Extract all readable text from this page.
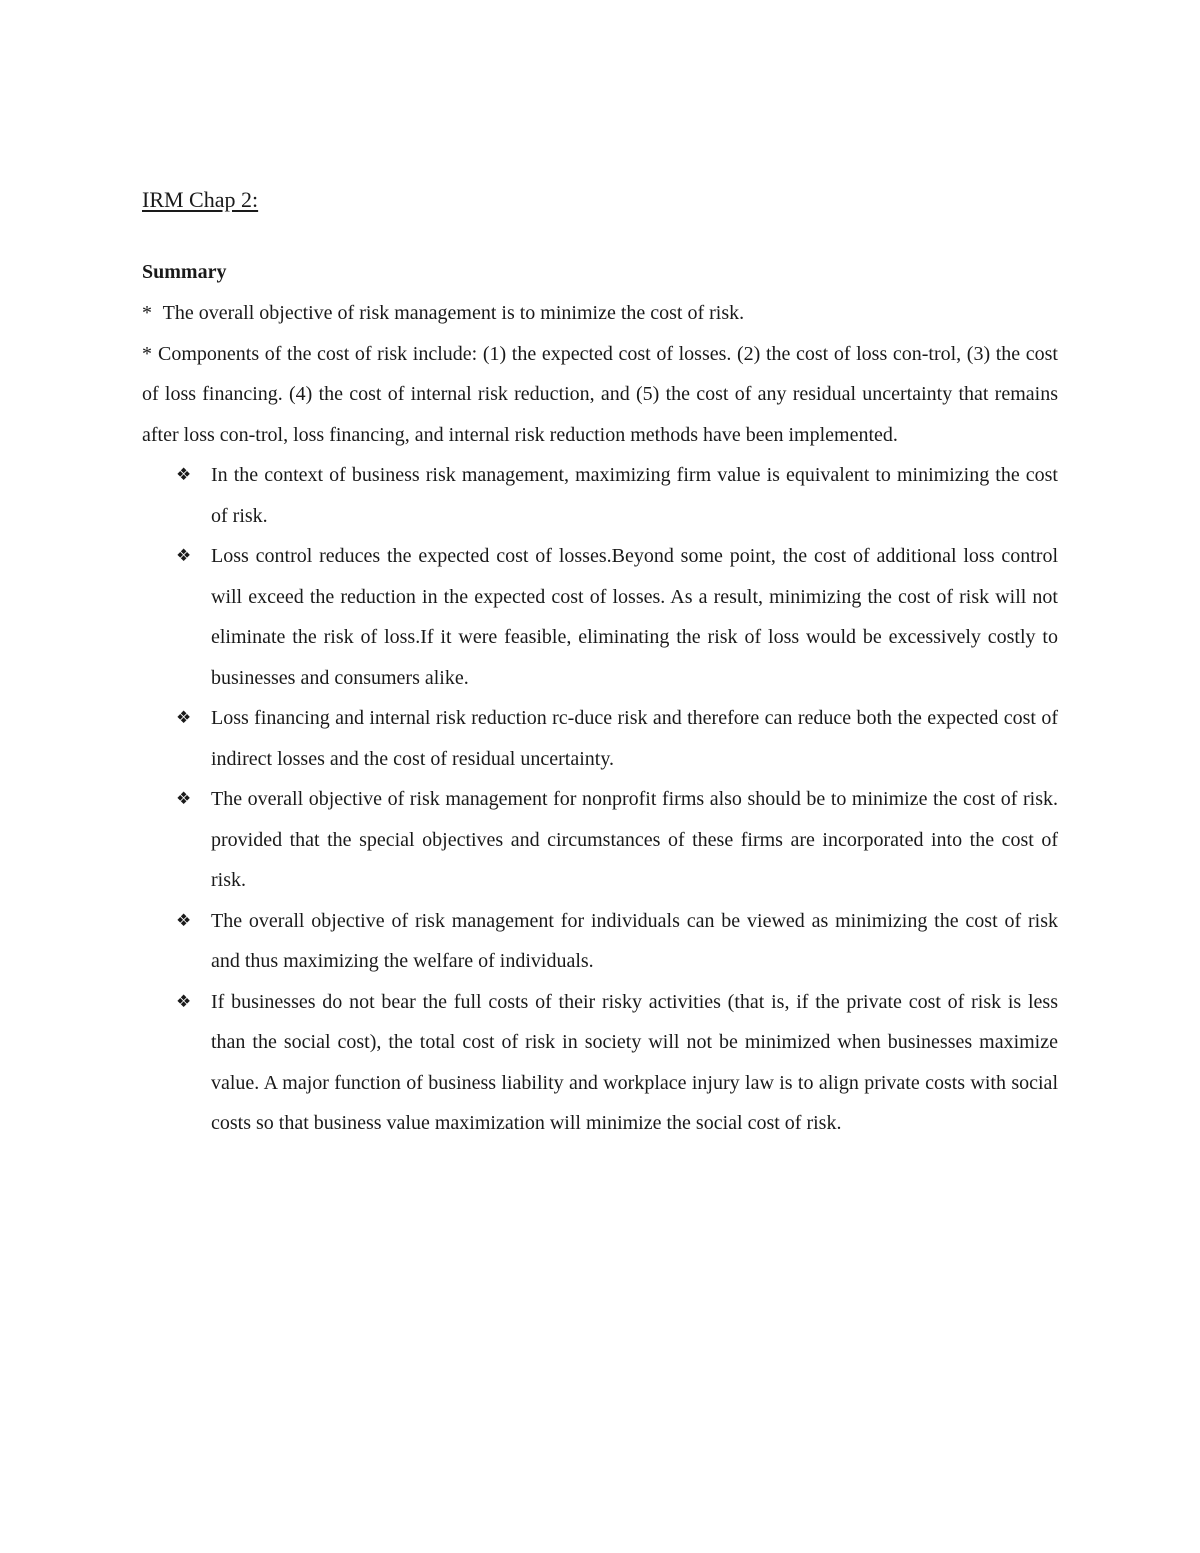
IRM Chap 2:
Summary

* The overall objective of risk management is to minimize the cost of risk.

* Components of the cost of risk include: (1) the expected cost of losses. (2) the cost of loss con-trol, (3) the cost of loss financing. (4) the cost of internal risk reduction, and (5) the cost of any residual uncertainty that remains after loss con-trol, loss financing, and internal risk reduction methods have been implemented.

❖ In the context of business risk management, maximizing firm value is equivalent to minimizing the cost of risk.
❖ Loss control reduces the expected cost of losses.Beyond some point, the cost of additional loss control will exceed the reduction in the expected cost of losses. As a result, minimizing the cost of risk will not eliminate the risk of loss.If it were feasible, eliminating the risk of loss would be excessively costly to businesses and consumers alike.
❖ Loss financing and internal risk reduction rc-duce risk and therefore can reduce both the expected cost of indirect losses and the cost of residual uncertainty.
❖ The overall objective of risk management for nonprofit firms also should be to minimize the cost of risk. provided that the special objectives and circumstances of these firms are incorporated into the cost of risk.
❖ The overall objective of risk management for individuals can be viewed as minimizing the cost of risk and thus maximizing the welfare of individuals.
❖ If businesses do not bear the full costs of their risky activities (that is, if the private cost of risk is less than the social cost), the total cost of risk in society will not be minimized when businesses maximize value. A major function of business liability and workplace injury law is to align private costs with social costs so that business value maximization will minimize the social cost of risk.
